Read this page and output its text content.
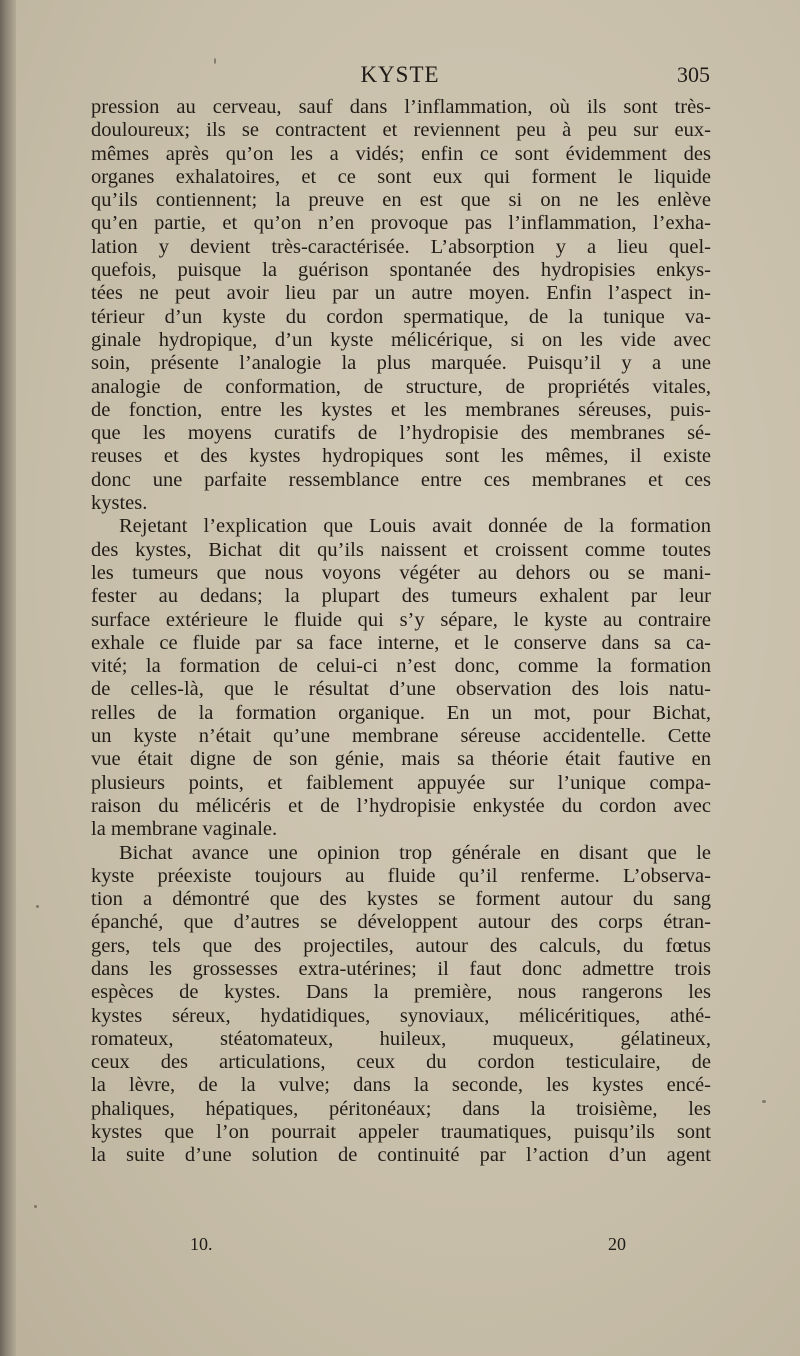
KYSTE	305
pression au cerveau, sauf dans l’inflammation, où ils sont très-
douloureux; ils se contractent et reviennent peu à peu sur eux-
mêmes après qu’on les a vidés; enfin ce sont évidemment des
organes exhalatoires, et ce sont eux qui forment le liquide
qu’ils contiennent; la preuve en est que si on ne les enlève
qu’en partie, et qu’on n’en provoque pas l’inflammation, l’exha-
lation y devient très-caractérisée. L’absorption y a lieu quel-
quefois, puisque la guérison spontanée des hydropisies enkys-
tées ne peut avoir lieu par un autre moyen. Enfin l’aspect in-
térieur d’un kyste du cordon spermatique, de la tunique va-
ginale hydropique, d’un kyste mélicérique, si on les vide avec
soin, présente l’analogie la plus marquée. Puisqu’il y a une
analogie de conformation, de structure, de propriétés vitales,
de fonction, entre les kystes et les membranes séreuses, puis-
que les moyens curatifs de l’hydropisie des membranes sé-
reuses et des kystes hydropiques sont les mêmes, il existe
donc une parfaite ressemblance entre ces membranes et ces
kystes.
Rejetant l’explication que Louis avait donnée de la formation
des kystes, Bichat dit qu’ils naissent et croissent comme toutes
les tumeurs que nous voyons végéter au dehors ou se mani-
fester au dedans; la plupart des tumeurs exhalent par leur
surface extérieure le fluide qui s’y sépare, le kyste au contraire
exhale ce fluide par sa face interne, et le conserve dans sa ca-
vité; la formation de celui-ci n’est donc, comme la formation
de celles-là, que le résultat d’une observation des lois natu-
relles de la formation organique. En un mot, pour Bichat,
un kyste n’était qu’une membrane séreuse accidentelle. Cette
vue était digne de son génie, mais sa théorie était fautive en
plusieurs points, et faiblement appuyée sur l’unique compa-
raison du mélicéris et de l’hydropisie enkystée du cordon avec
la membrane vaginale.
Bichat avance une opinion trop générale en disant que le
kyste préexiste toujours au fluide qu’il renferme. L’observa-
tion a démontré que des kystes se forment autour du sang
épanché, que d’autres se développent autour des corps étran-
gers, tels que des projectiles, autour des calculs, du fœtus
dans les grossesses extra-utérines; il faut donc admettre trois
espèces de kystes. Dans la première, nous rangerons les
kystes séreux, hydatidiques, synoviaux, mélicéritiques, athé-
romateux, stéatomateux, huileux, muqueux, gélatineux,
ceux des articulations, ceux du cordon testiculaire, de
la lèvre, de la vulve; dans la seconde, les kystes encé-
phaliques, hépatiques, péritonéaux; dans la troisième, les
kystes que l’on pourrait appeler traumatiques, puisqu’ils sont
la suite d’une solution de continuité par l’action d’un agent
10.	20
